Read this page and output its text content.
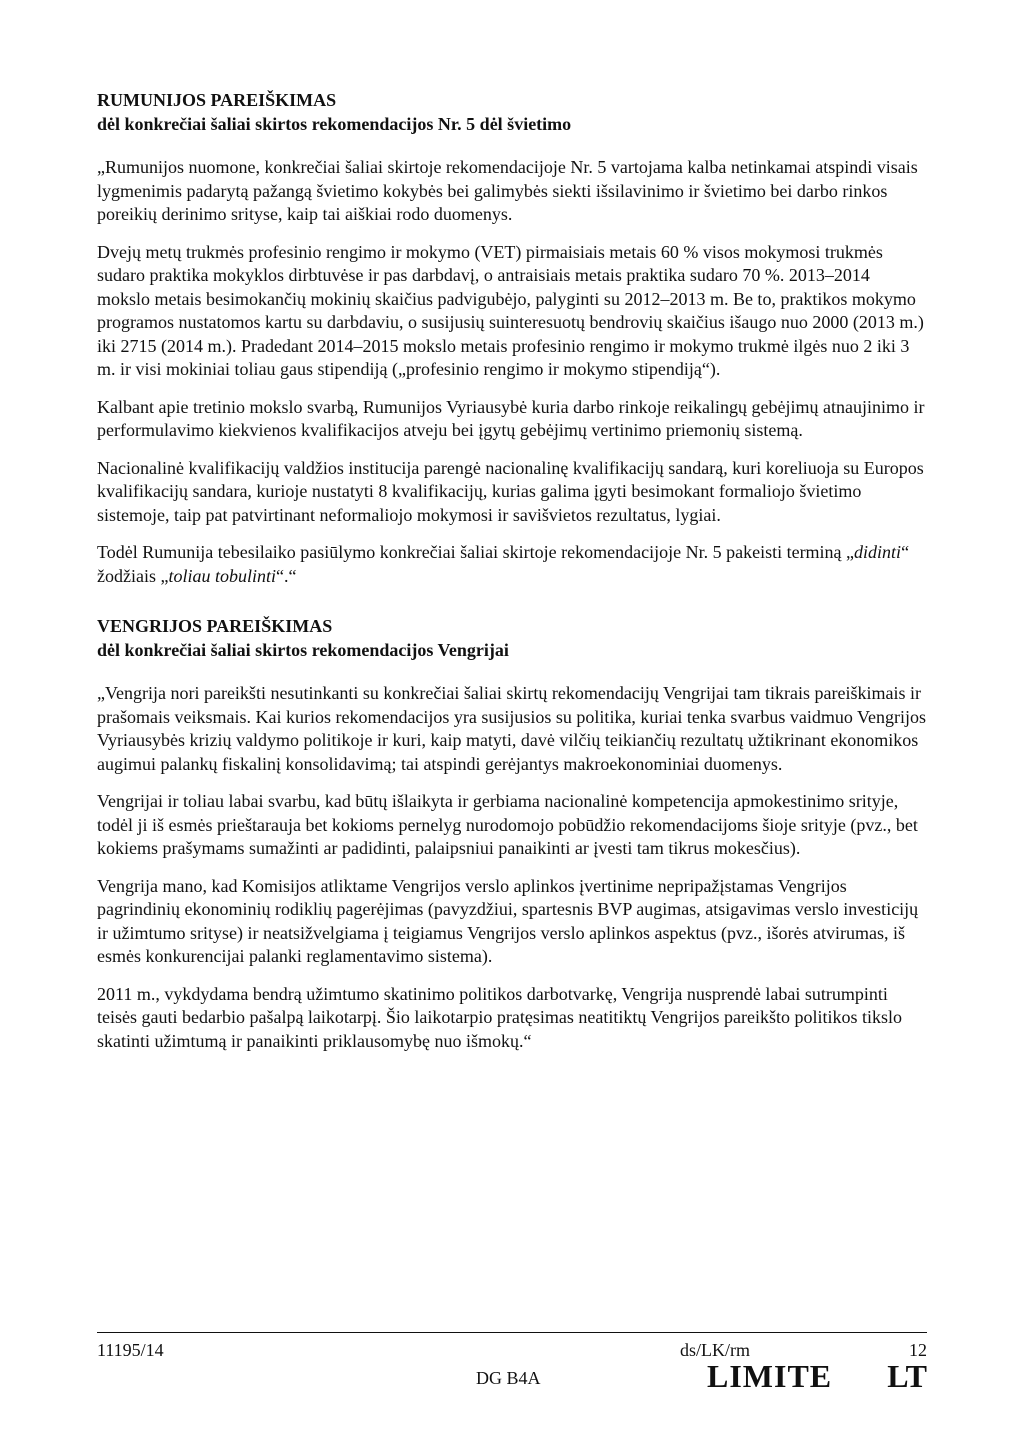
RUMUNIJOS PAREIŠKIMAS

dėl konkrečiai šaliai skirtos rekomendacijos Nr. 5 dėl švietimo

„Rumunijos nuomone, konkrečiai šaliai skirtoje rekomendacijoje Nr. 5 vartojama kalba netinkamai atspindi visais lygmenimis padarytą pažangą švietimo kokybės bei galimybės siekti išsilavinimo ir švietimo bei darbo rinkos poreikių derinimo srityse, kaip tai aiškiai rodo duomenys.

Dvejų metų trukmės profesinio rengimo ir mokymo (VET) pirmaisiais metais 60 % visos mokymosi trukmės sudaro praktika mokyklos dirbtuvėse ir pas darbdavį, o antraisiais metais praktika sudaro 70 %. 2013–2014 mokslo metais besimokančių mokinių skaičius padvigubėjo, palyginti su 2012–2013 m. Be to, praktikos mokymo programos nustatomos kartu su darbdaviu, o susijusių suinteresuotų bendrovių skaičius išaugo nuo 2000 (2013 m.) iki 2715 (2014 m.). Pradedant 2014–2015 mokslo metais profesinio rengimo ir mokymo trukmė ilgės nuo 2 iki 3 m. ir visi mokiniai toliau gaus stipendiją („profesinio rengimo ir mokymo stipendiją“).

Kalbant apie tretinio mokslo svarbą, Rumunijos Vyriausybė kuria darbo rinkoje reikalingų gebėjimų atnaujinimo ir performulavimo kiekvienos kvalifikacijos atveju bei įgytų gebėjimų vertinimo priemonių sistemą.

Nacionalinė kvalifikacijų valdžios institucija parengė nacionalinę kvalifikacijų sandarą, kuri koreliuoja su Europos kvalifikacijų sandara, kurioje nustatyti 8 kvalifikacijų, kurias galima įgyti besimokant formaliojo švietimo sistemoje, taip pat patvirtinant neformaliojo mokymosi ir savišvietos rezultatus, lygiai.

Todėl Rumunija tebesilaiko pasiūlymo konkrečiai šaliai skirtoje rekomendacijoje Nr. 5 pakeisti terminą „didinti“ žodžiais „toliau tobulinti“.“

VENGRIJOS PAREIŠKIMAS

dėl konkrečiai šaliai skirtos rekomendacijos Vengrijai

„Vengrija nori pareikšti nesutinkanti su konkrečiai šaliai skirtų rekomendacijų Vengrijai tam tikrais pareiškimais ir prašomais veiksmais. Kai kurios rekomendacijos yra susijusios su politika, kuriai tenka svarbus vaidmuo Vengrijos Vyriausybės krizių valdymo politikoje ir kuri, kaip matyti, davė vilčių teikiančių rezultatų užtikrinant ekonomikos augimui palankų fiskalinį konsolidavimą; tai atspindi gerėjantys makroekonominiai duomenys.

Vengrijai ir toliau labai svarbu, kad būtų išlaikyta ir gerbiama nacionalinė kompetencija apmokestinimo srityje, todėl ji iš esmės prieštarauja bet kokioms pernelyg nurodomojo pobūdžio rekomendacijoms šioje srityje (pvz., bet kokiems prašymams sumažinti ar padidinti, palaipsniui panaikinti ar įvesti tam tikrus mokesčius).

Vengrija mano, kad Komisijos atliktame Vengrijos verslo aplinkos įvertinime nepripažįstamas Vengrijos pagrindinių ekonominių rodiklių pagerėjimas (pavyzdžiui, spartesnis BVP augimas, atsigavimas verslo investicijų ir užimtumo srityse) ir neatsižvelgiama į teigiamus Vengrijos verslo aplinkos aspektus (pvz., išorės atvirumas, iš esmės konkurencijai palanki reglamentavimo sistema).

2011 m., vykdydama bendrą užimtumo skatinimo politikos darbotvarkę, Vengrija nusprendė labai sutrumpinti teisės gauti bedarbio pašalpą laikotarpį. Šio laikotarpio pratęsimas neatitiktų Vengrijos pareikšto politikos tikslo skatinti užimtumą ir panaikinti priklausomybę nuo išmokų.“

11195/14	ds/LK/rm	12
DG B4A	LIMITE LT
